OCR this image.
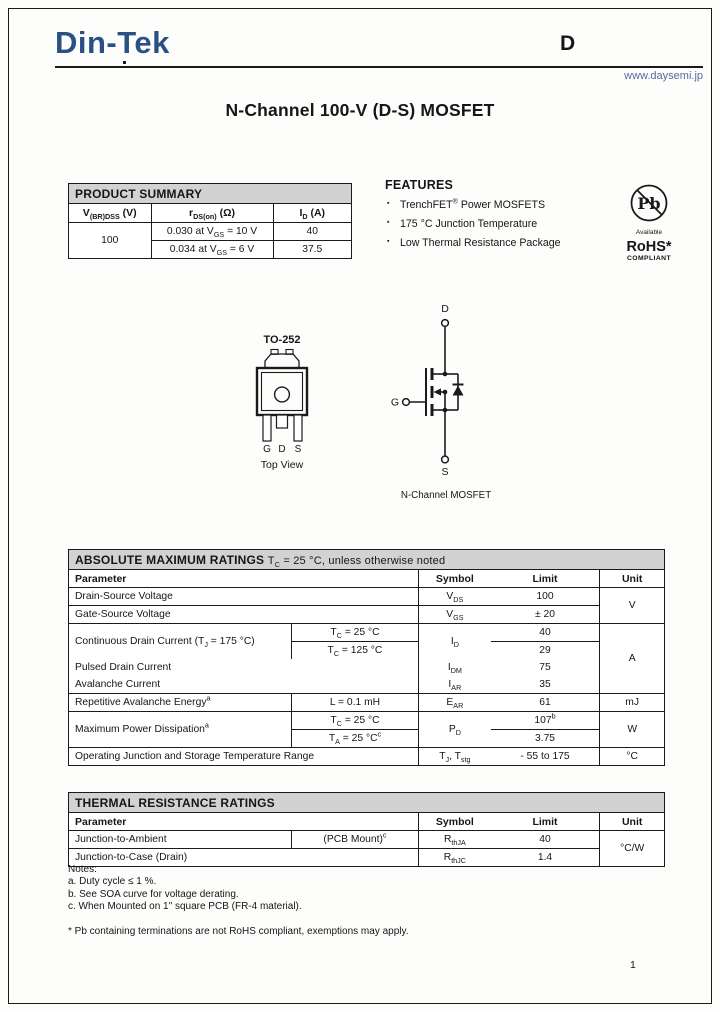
Din-Tek	D
www.daysemi.jp
N-Channel 100-V (D-S) MOSFET
PRODUCT SUMMARY
$V_{(BR)DSS}$ (V)	$r_{DS(on)}$ (Ω)	$I_D$ (A)
100	0.030 at $V_{GS} = 10$ V	40
	0.034 at $V_{GS} = 6$ V	37.5
FEATURES
▪ TrenchFET® Power MOSFETS
▪ 175 °C Junction Temperature
▪ Low Thermal Resistance Package
Pb
Available
RoHS*
COMPLIANT
TO-252
G D S
Top View
D
G
S
N-Channel MOSFET
ABSOLUTE MAXIMUM RATINGS $T_C = 25$ °C, unless otherwise noted
Parameter		Symbol	Limit	Unit
Drain-Source Voltage		$V_{DS}$	100	V
Gate-Source Voltage		$V_{GS}$	± 20	
Continuous Drain Current ($T_J = 175$ °C)	$T_C = 25$ °C	$I_D$	40	A
	$T_C = 125$ °C		29	
Pulsed Drain Current		$I_{DM}$	75	
Avalanche Current		$I_{AR}$	35	
Repetitive Avalanche Energy$^a$	L = 0.1 mH	$E_{AR}$	61	mJ
Maximum Power Dissipation$^a$	$T_C = 25$ °C	$P_D$	107$^b$	W
	$T_A = 25$ $^\circ C^c$		3.75	
Operating Junction and Storage Temperature Range		$T_J$, $T_{stg}$	- 55 to 175	°C
THERMAL RESISTANCE RATINGS
Parameter		Symbol	Limit	Unit
Junction-to-Ambient	(PCB Mount)$^c$	$R_{thJA}$	40	°C/W
Junction-to-Case (Drain)		$R_{thJC}$	1.4	
Notes:
a. Duty cycle ≤ 1 %.
b. See SOA curve for voltage derating.
c. When Mounted on 1" square PCB (FR-4 material).
* Pb containing terminations are not RoHS compliant, exemptions may apply.
1
